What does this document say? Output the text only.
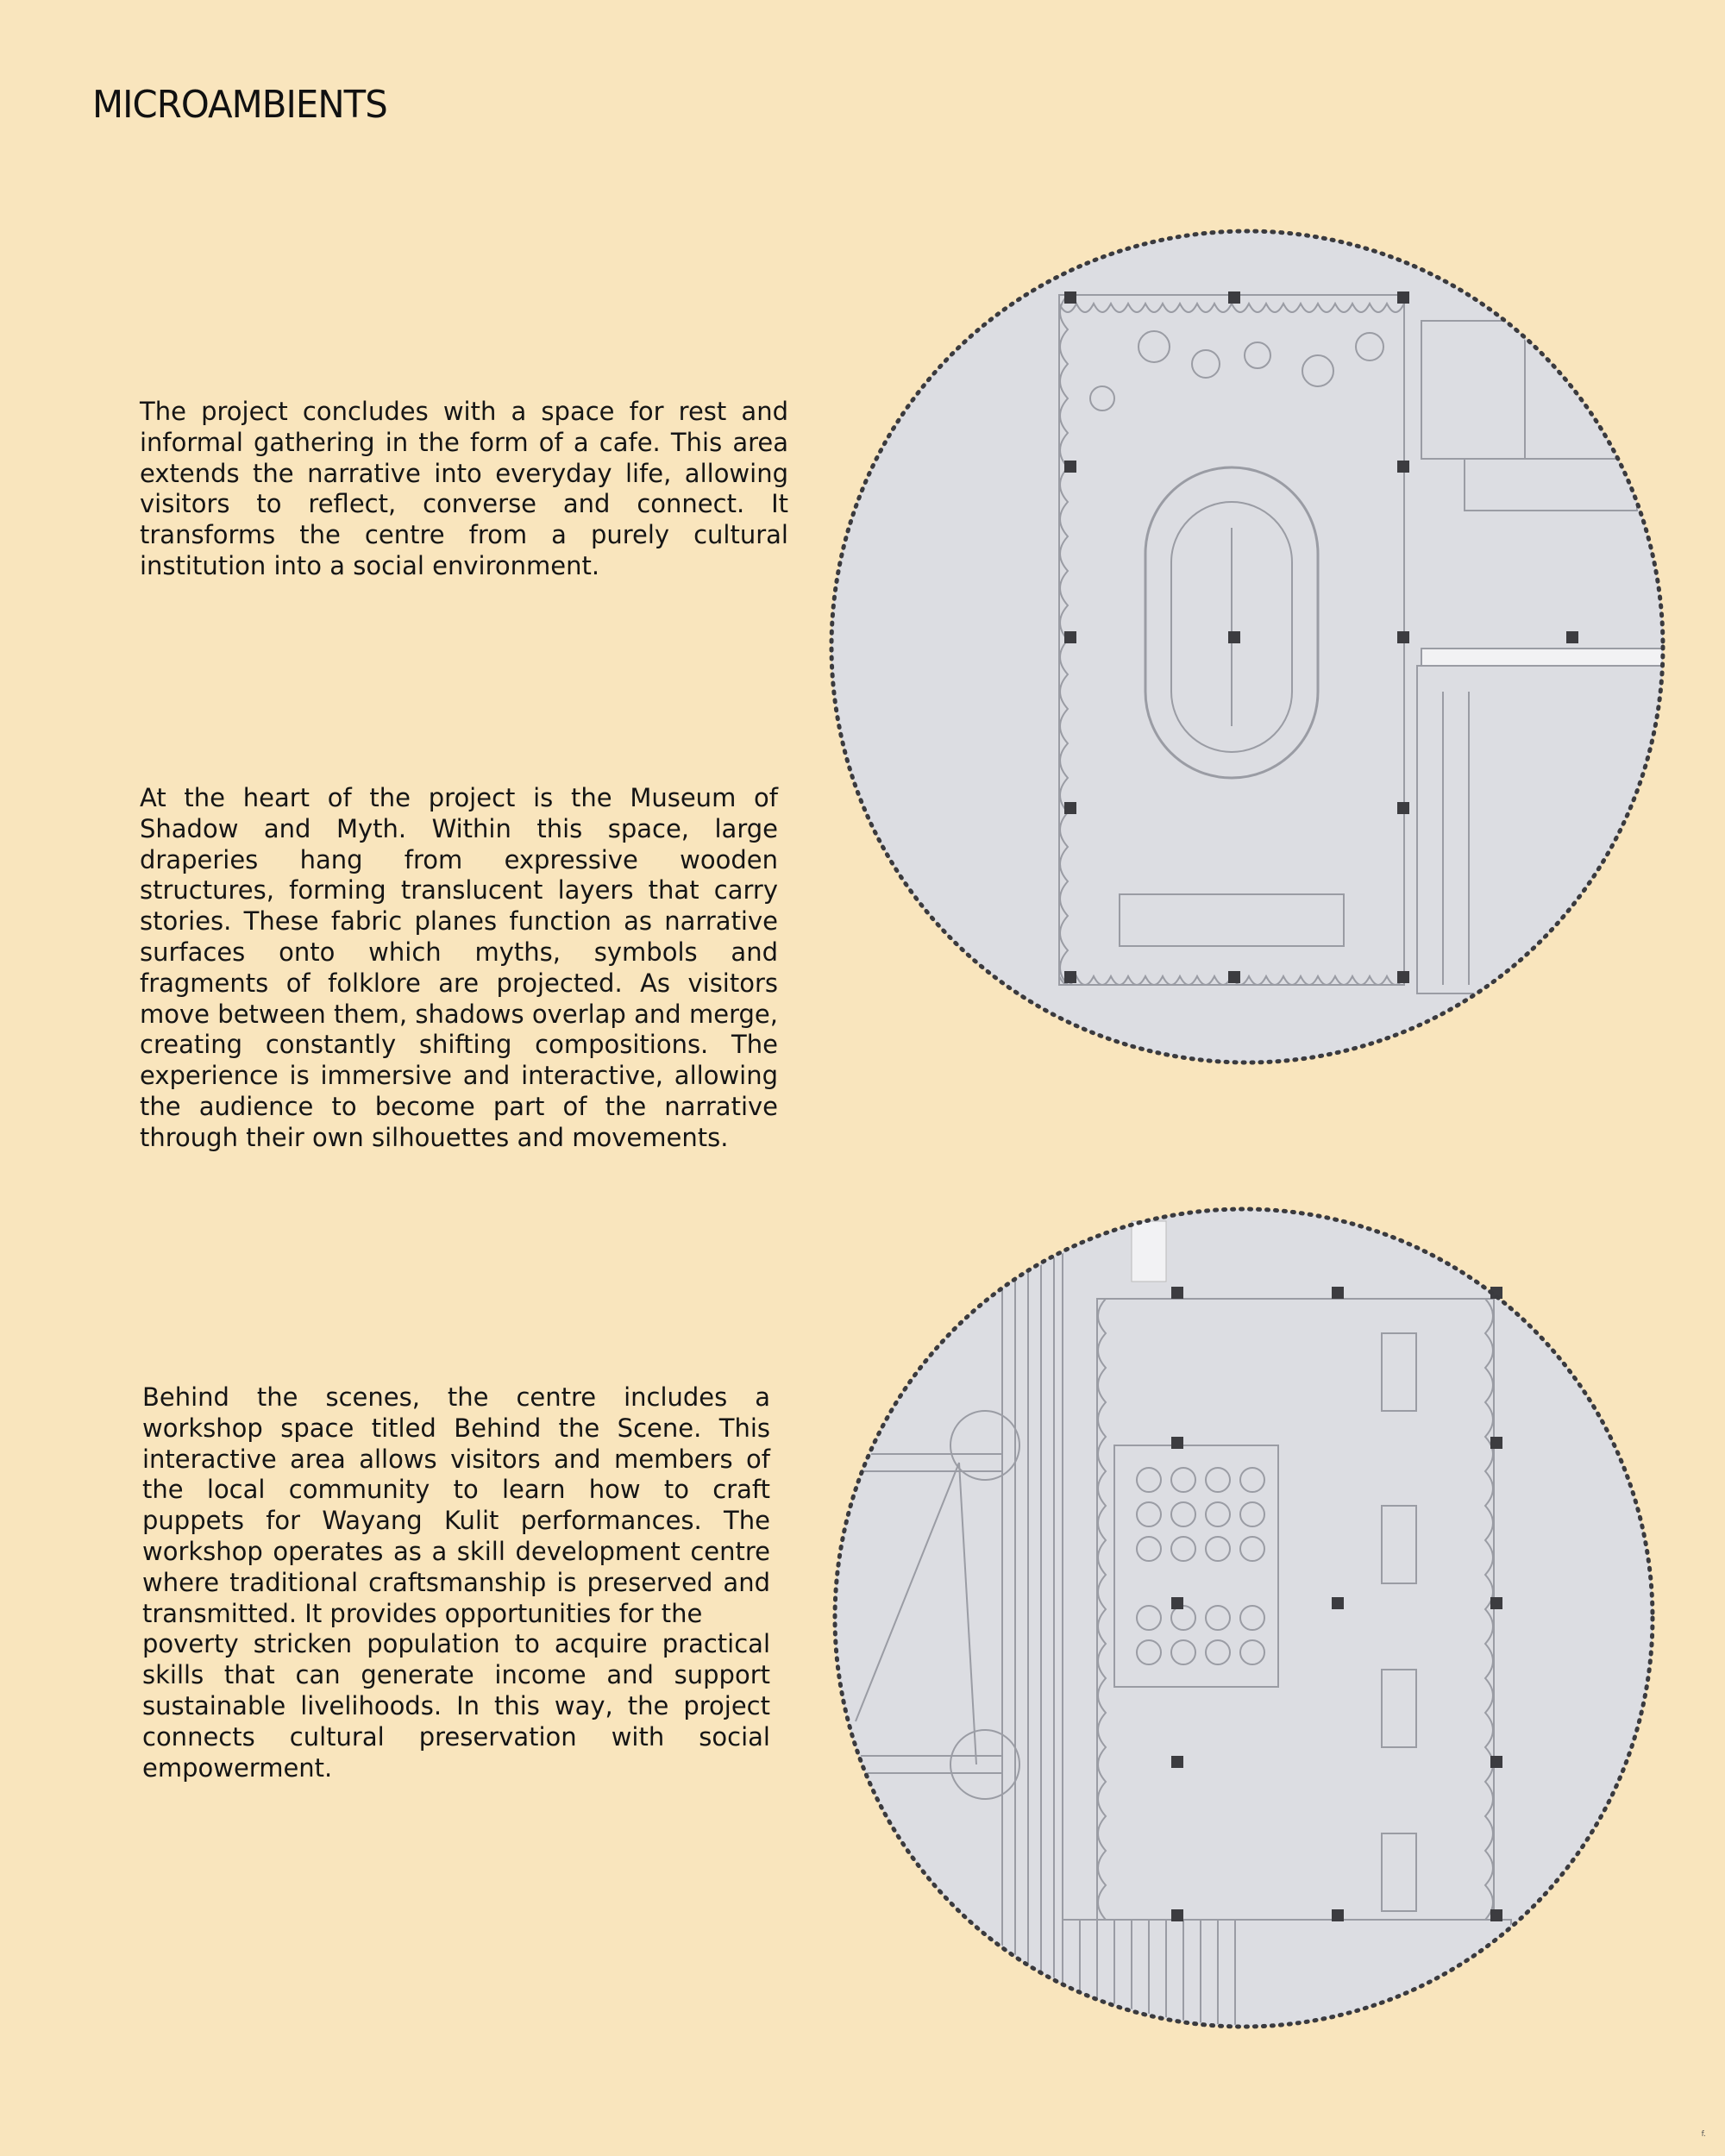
MICROAMBIENTS

The project concludes with a space for rest and informal gathering in the form of a cafe. This area extends the narrative into everyday life, allowing visitors to reflect, converse and connect. It transforms the centre from a purely cultural institution into a social environment.

At the heart of the project is the Museum of Shadow and Myth. Within this space, large draperies hang from expressive wooden structures, forming translucent layers that carry stories. These fabric planes function as narrative surfaces onto which myths, symbols and fragments of folklore are projected. As visitors move between them, shadows overlap and merge, creating constantly shifting compositions. The experience is immersive and interactive, allowing the audience to become part of the narrative through their own silhouettes and movements.

Behind the scenes, the centre includes a workshop space titled Behind the Scene. This interactive area allows visitors and members of the local community to learn how to craft puppets for Wayang Kulit performances. The workshop operates as a skill development centre where traditional craftsmanship is preserved and transmitted. It provides opportunities for the
poverty stricken population to acquire practical skills that can generate income and support sustainable livelihoods. In this way, the project connects cultural preservation with social empowerment.
f.
